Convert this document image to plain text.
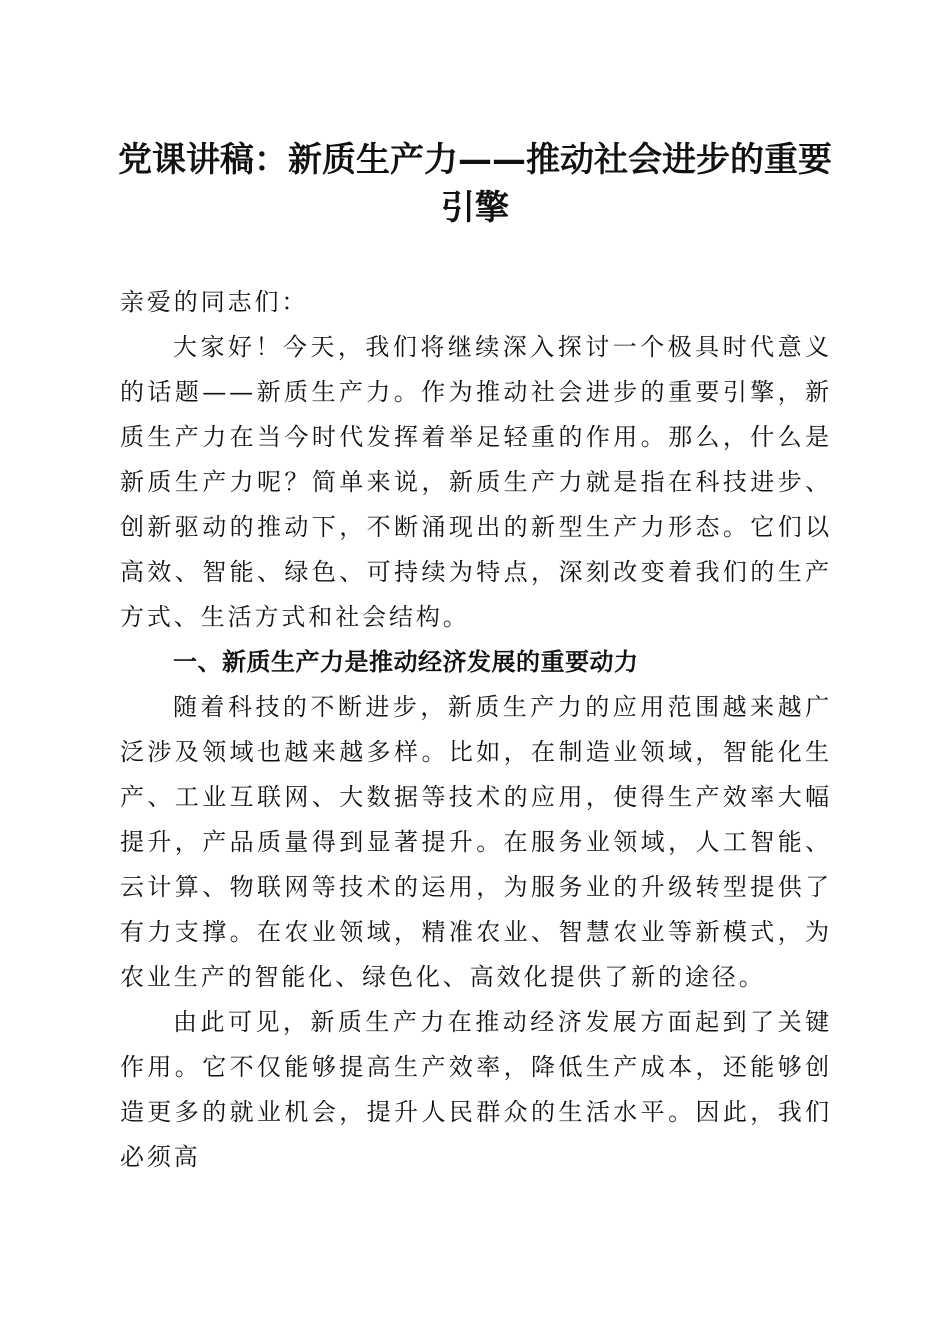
党课讲稿：新质生产力——推动社会进步的重要引擎

亲爱的同志们：

大家好！今天，我们将继续深入探讨一个极具时代意义的话题——新质生产力。作为推动社会进步的重要引擎，新质生产力在当今时代发挥着举足轻重的作用。那么，什么是新质生产力呢？简单来说，新质生产力就是指在科技进步、创新驱动的推动下，不断涌现出的新型生产力形态。它们以高效、智能、绿色、可持续为特点，深刻改变着我们的生产方式、生活方式和社会结构。

一、新质生产力是推动经济发展的重要动力

随着科技的不断进步，新质生产力的应用范围越来越广泛涉及领域也越来越多样。比如，在制造业领域，智能化生产、工业互联网、大数据等技术的应用，使得生产效率大幅提升，产品质量得到显著提升。在服务业领域，人工智能、云计算、物联网等技术的运用，为服务业的升级转型提供了有力支撑。在农业领域，精准农业、智慧农业等新模式，为农业生产的智能化、绿色化、高效化提供了新的途径。

由此可见，新质生产力在推动经济发展方面起到了关键作用。它不仅能够提高生产效率，降低生产成本，还能够创造更多的就业机会，提升人民群众的生活水平。因此，我们必须高
